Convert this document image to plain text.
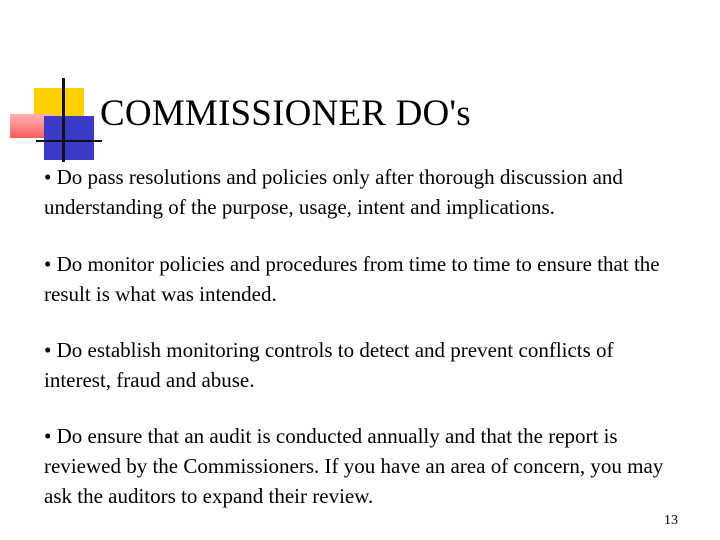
COMMISSIONER DO's

• Do pass resolutions and policies only after thorough discussion and understanding of the purpose, usage, intent and implications.

• Do monitor policies and procedures from time to time to ensure that the result is what was intended.

• Do establish monitoring controls to detect and prevent conflicts of interest, fraud and abuse.

• Do ensure that an audit is conducted annually and that the report is reviewed by the Commissioners. If you have an area of concern, you may ask the auditors to expand their review.

13
